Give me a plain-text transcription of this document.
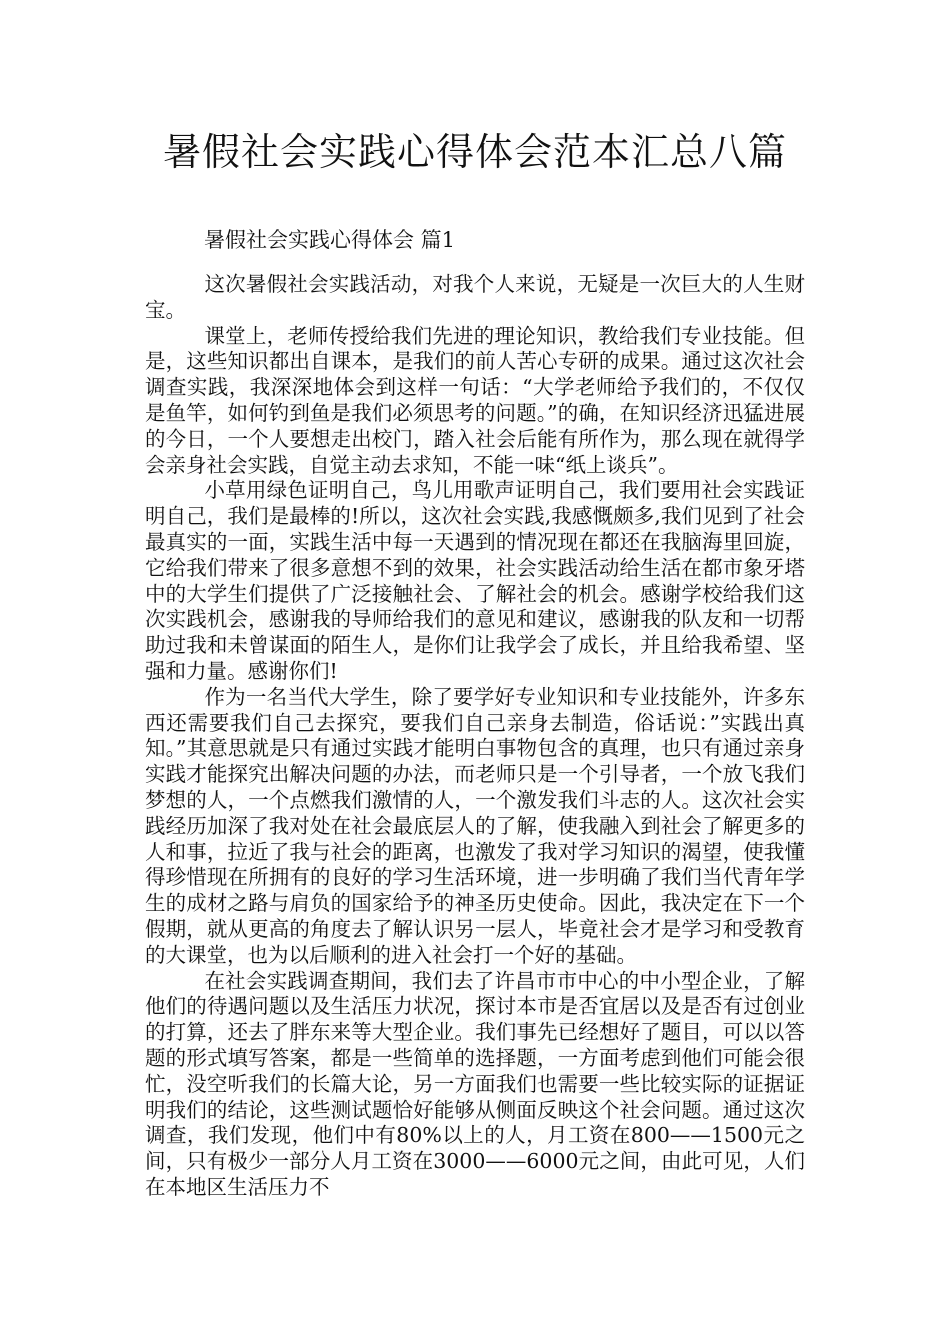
暑假社会实践心得体会范本汇总八篇
暑假社会实践心得体会 篇1

这次暑假社会实践活动，对我个人来说，无疑是一次巨大的人生财宝。

课堂上，老师传授给我们先进的理论知识，教给我们专业技能。但是，这些知识都出自课本，是我们的前人苦心专研的成果。通过这次社会调查实践，我深深地体会到这样一句话：“大学老师给予我们的，不仅仅是鱼竿，如何钓到鱼是我们必须思考的问题。”的确，在知识经济迅猛进展的今日，一个人要想走出校门，踏入社会后能有所作为，那么现在就得学会亲身社会实践，自觉主动去求知，不能一味“纸上谈兵”。

小草用绿色证明自己，鸟儿用歌声证明自己，我们要用社会实践证明自己，我们是最棒的!所以，这次社会实践,我感慨颇多,我们见到了社会最真实的一面，实践生活中每一天遇到的情况现在都还在我脑海里回旋，它给我们带来了很多意想不到的效果，社会实践活动给生活在都市象牙塔中的大学生们提供了广泛接触社会、了解社会的机会。感谢学校给我们这次实践机会，感谢我的导师给我们的意见和建议，感谢我的队友和一切帮助过我和未曾谋面的陌生人，是你们让我学会了成长，并且给我希望、坚强和力量。感谢你们!

作为一名当代大学生，除了要学好专业知识和专业技能外，许多东西还需要我们自己去探究，要我们自己亲身去制造，俗话说：”实践出真知。”其意思就是只有通过实践才能明白事物包含的真理，也只有通过亲身实践才能探究出解决问题的办法，而老师只是一个引导者，一个放飞我们梦想的人，一个点燃我们激情的人，一个激发我们斗志的人。这次社会实践经历加深了我对处在社会最底层人的了解，使我融入到社会了解更多的人和事，拉近了我与社会的距离，也激发了我对学习知识的渴望，使我懂得珍惜现在所拥有的良好的学习生活环境，进一步明确了我们当代青年学生的成材之路与肩负的国家给予的神圣历史使命。因此，我决定在下一个假期，就从更高的角度去了解认识另一层人，毕竟社会才是学习和受教育的大课堂，也为以后顺利的进入社会打一个好的基础。

在社会实践调查期间，我们去了许昌市市中心的中小型企业，了解他们的待遇问题以及生活压力状况，探讨本市是否宜居以及是否有过创业的打算，还去了胖东来等大型企业。我们事先已经想好了题目，可以以答题的形式填写答案，都是一些简单的选择题，一方面考虑到他们可能会很忙，没空听我们的长篇大论，另一方面我们也需要一些比较实际的证据证明我们的结论，这些测试题恰好能够从侧面反映这个社会问题。通过这次调查，我们发现，他们中有80%以上的人，月工资在800——1500元之间，只有极少一部分人月工资在3000——6000元之间，由此可见，人们在本地区生活压力不
